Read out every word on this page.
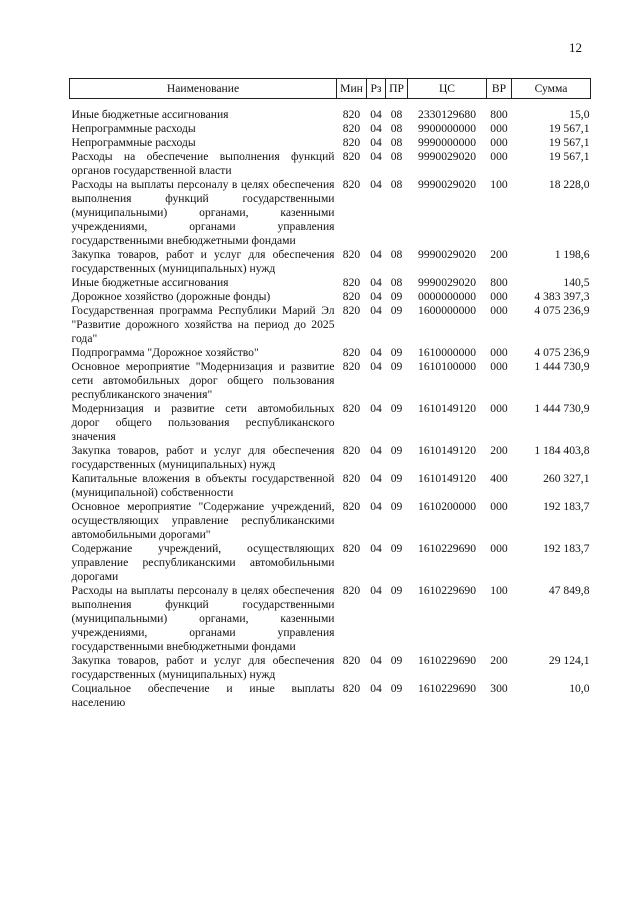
12
Наименование	Мин	Рз	ПР	ЦС	ВР	Сумма
Иные бюджетные ассигнования	820	04	08	2330129680	800	15,0
Непрограммные расходы	820	04	08	9900000000	000	19 567,1
Непрограммные расходы	820	04	08	9990000000	000	19 567,1
Расходы на обеспечение выполнения функций органов государственной власти	820	04	08	9990029020	000	19 567,1
Расходы на выплаты персоналу в целях обеспечения выполнения функций государственными (муниципальными) органами, казенными учреждениями, органами управления государственными внебюджетными фондами	820	04	08	9990029020	100	18 228,0
Закупка товаров, работ и услуг для обеспечения государственных (муниципальных) нужд	820	04	08	9990029020	200	1 198,6
Иные бюджетные ассигнования	820	04	08	9990029020	800	140,5
Дорожное хозяйство (дорожные фонды)	820	04	09	0000000000	000	4 383 397,3
Государственная программа Республики Марий Эл "Развитие дорожного хозяйства на период до 2025 года"	820	04	09	1600000000	000	4 075 236,9
Подпрограмма "Дорожное хозяйство"	820	04	09	1610000000	000	4 075 236,9
Основное мероприятие "Модернизация и развитие сети автомобильных дорог общего пользования республиканского значения"	820	04	09	1610100000	000	1 444 730,9
Модернизация и развитие сети автомобильных дорог общего пользования республиканского значения	820	04	09	1610149120	000	1 444 730,9
Закупка товаров, работ и услуг для обеспечения государственных (муниципальных) нужд	820	04	09	1610149120	200	1 184 403,8
Капитальные вложения в объекты государственной (муниципальной) собственности	820	04	09	1610149120	400	260 327,1
Основное мероприятие "Содержание учреждений, осуществляющих управление республиканскими автомобильными дорогами"	820	04	09	1610200000	000	192 183,7
Содержание учреждений, осуществляющих управление республиканскими автомобильными дорогами	820	04	09	1610229690	000	192 183,7
Расходы на выплаты персоналу в целях обеспечения выполнения функций государственными (муниципальными) органами, казенными учреждениями, органами управления государственными внебюджетными фондами	820	04	09	1610229690	100	47 849,8
Закупка товаров, работ и услуг для обеспечения государственных (муниципальных) нужд	820	04	09	1610229690	200	29 124,1
Социальное обеспечение и иные выплаты населению	820	04	09	1610229690	300	10,0
